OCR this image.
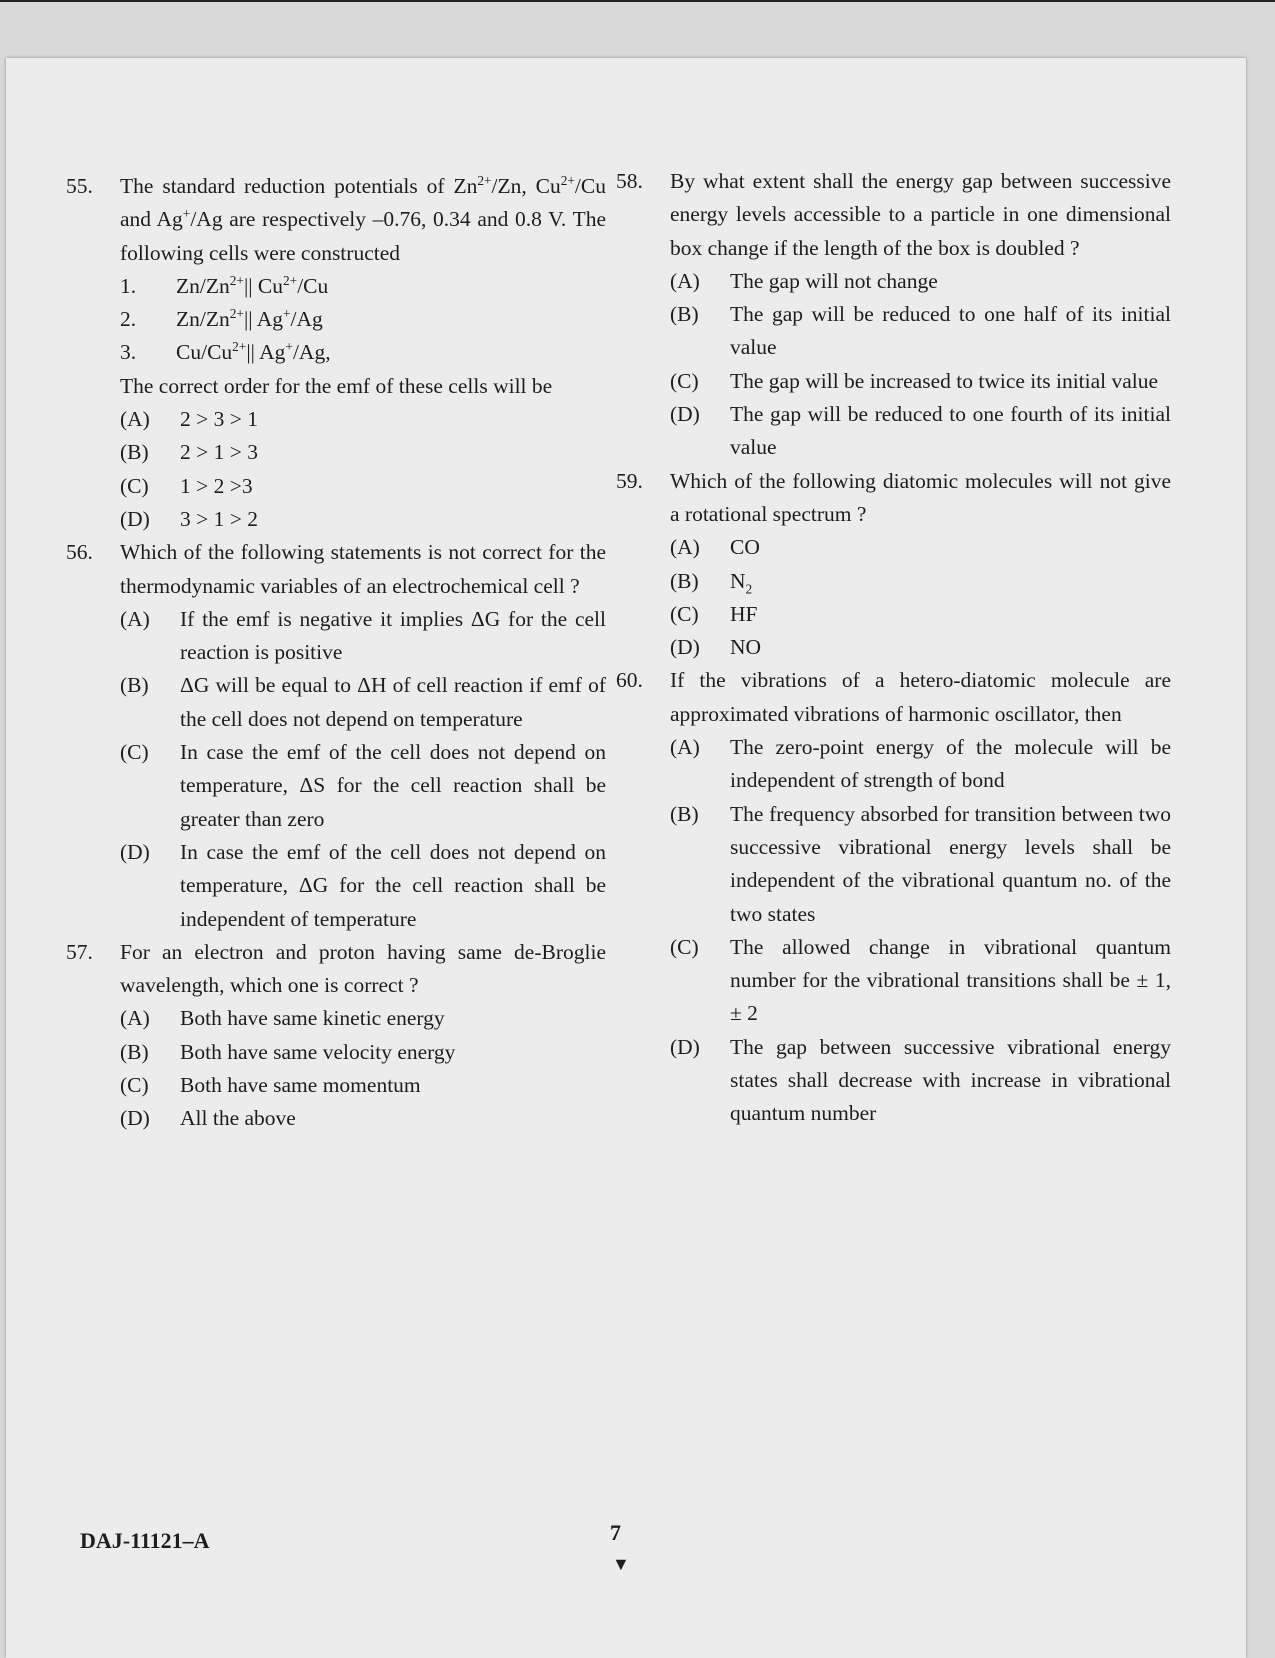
55.	The standard reduction potentials of $Zn^{2+}/Zn$, $Cu^{2+}/Cu$ and Ag+/Ag are respectively –0.76, 0.34 and 0.8 V. The following cells were constructed
1.	$Zn/Zn^{2+}||$ $Cu^{2+}/Cu$
2.	$Zn/Zn^{2+}||$ Ag+/Ag
3.	$Cu/Cu^{2+}||$ Ag+/Ag,
The correct order for the emf of these cells will be
(A)	2 > 3 > 1
(B)	2 > 1 > 3
(C)	1 > 2 >3
(D)	3 > 1 > 2
56.	Which of the following statements is not correct for the thermodynamic variables of an electrochemical cell ?
(A)	If the emf is negative it implies ΔG for the cell reaction is positive
(B)	ΔG will be equal to ΔH of cell reaction if emf of the cell does not depend on temperature
(C)	In case the emf of the cell does not depend on temperature, ΔS for the cell reaction shall be greater than zero
(D)	In case the emf of the cell does not depend on temperature, ΔG for the cell reaction shall be independent of temperature
57.	For an electron and proton having same de-Broglie wavelength, which one is correct ?
(A)	Both have same kinetic energy
(B)	Both have same velocity energy
(C)	Both have same momentum
(D)	All the above
58.	By what extent shall the energy gap between successive energy levels accessible to a particle in one dimensional box change if the length of the box is doubled ?
(A)	The gap will not change
(B)	The gap will be reduced to one half of its initial value
(C)	The gap will be increased to twice its initial value
(D)	The gap will be reduced to one fourth of its initial value
59.	Which of the following diatomic molecules will not give a rotational spectrum ?
(A)	CO
(B)	$N_2$
(C)	HF
(D)	NO
60.	If the vibrations of a hetero-diatomic molecule are approximated vibrations of harmonic oscillator, then
(A)	The zero-point energy of the molecule will be independent of strength of bond
(B)	The frequency absorbed for transition between two successive vibrational energy levels shall be independent of the vibrational quantum no. of the two states
(C)	The allowed change in vibrational quantum number for the vibrational transitions shall be ± 1, ± 2
(D)	The gap between successive vibrational energy states shall decrease with increase in vibrational quantum number
DAJ-11121–A	7
▼
